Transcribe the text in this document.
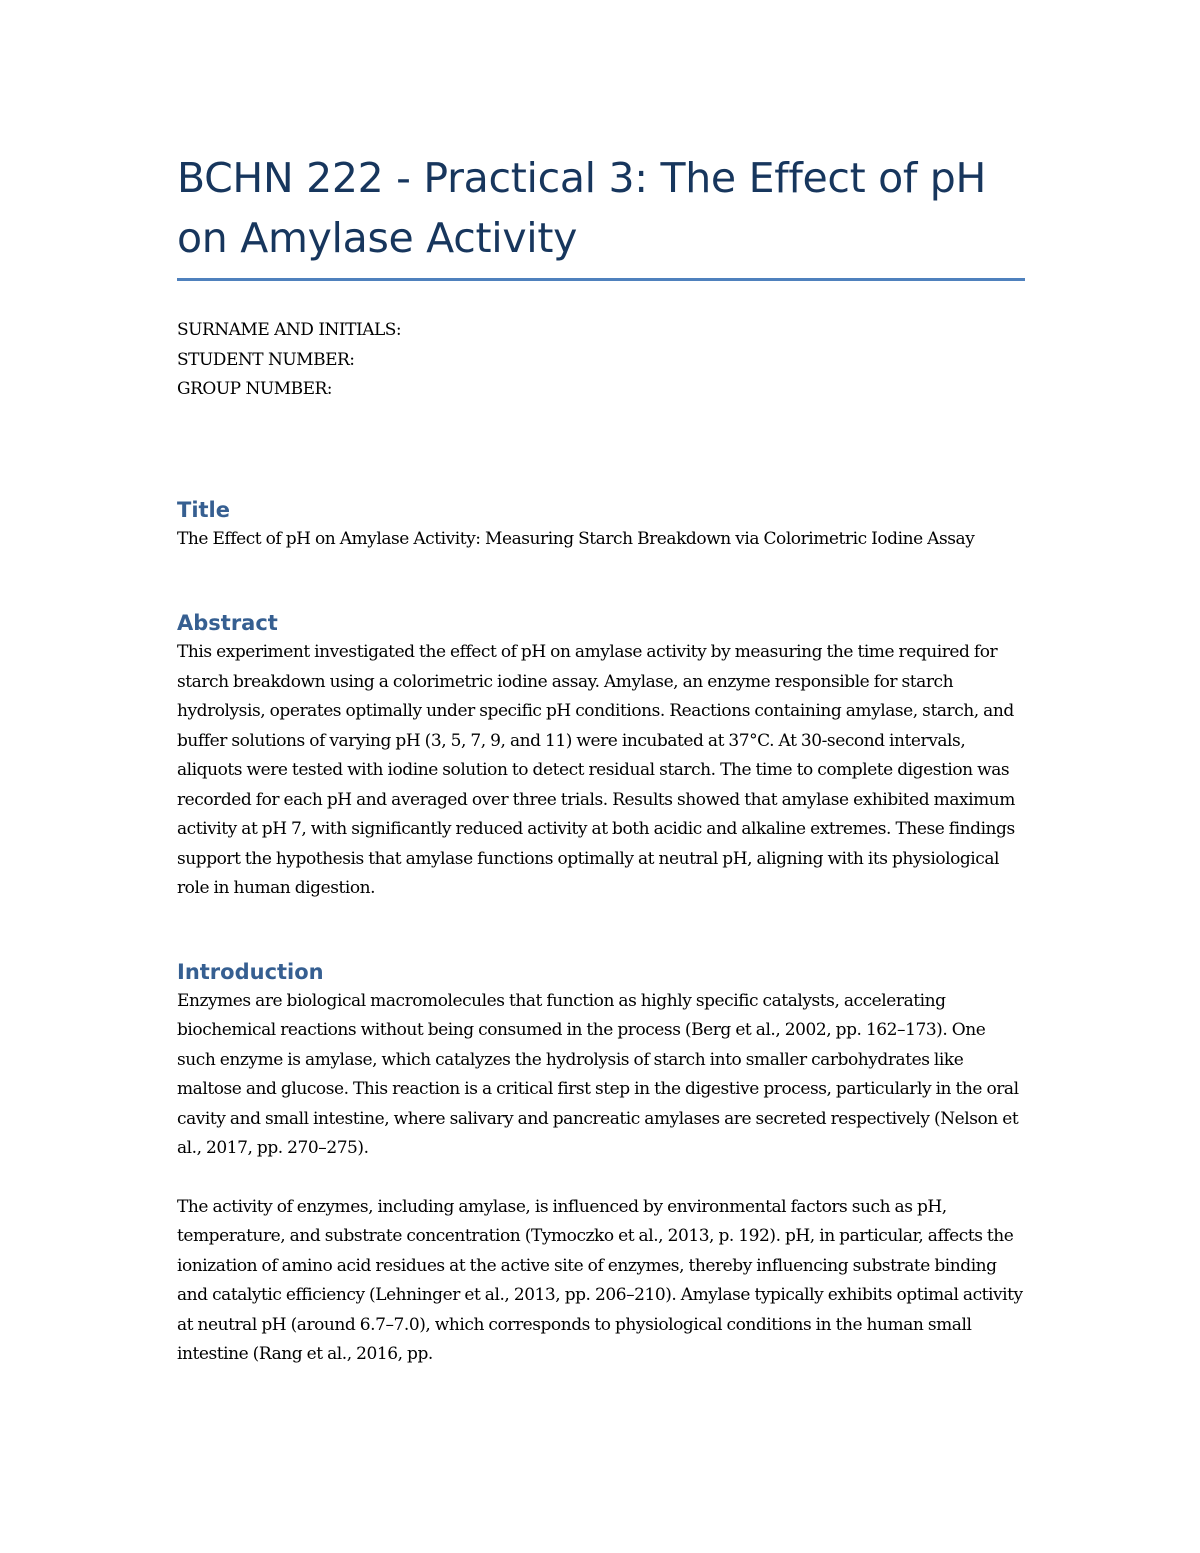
BCHN 222 - Practical 3: The Effect of pH on Amylase Activity
SURNAME AND INITIALS:
STUDENT NUMBER:
GROUP NUMBER:
Title

The Effect of pH on Amylase Activity: Measuring Starch Breakdown via Colorimetric Iodine Assay

Abstract

This experiment investigated the effect of pH on amylase activity by measuring the time required for starch breakdown using a colorimetric iodine assay. Amylase, an enzyme responsible for starch hydrolysis, operates optimally under specific pH conditions. Reactions containing amylase, starch, and buffer solutions of varying pH (3, 5, 7, 9, and 11) were incubated at 37°C. At 30-second intervals, aliquots were tested with iodine solution to detect residual starch. The time to complete digestion was recorded for each pH and averaged over three trials. Results showed that amylase exhibited maximum activity at pH 7, with significantly reduced activity at both acidic and alkaline extremes. These findings support the hypothesis that amylase functions optimally at neutral pH, aligning with its physiological role in human digestion.

Introduction

Enzymes are biological macromolecules that function as highly specific catalysts, accelerating biochemical reactions without being consumed in the process (Berg et al., 2002, pp. 162–173). One such enzyme is amylase, which catalyzes the hydrolysis of starch into smaller carbohydrates like maltose and glucose. This reaction is a critical first step in the digestive process, particularly in the oral cavity and small intestine, where salivary and pancreatic amylases are secreted respectively (Nelson et al., 2017, pp. 270–275).

The activity of enzymes, including amylase, is influenced by environmental factors such as pH, temperature, and substrate concentration (Tymoczko et al., 2013, p. 192). pH, in particular, affects the ionization of amino acid residues at the active site of enzymes, thereby influencing substrate binding and catalytic efficiency (Lehninger et al., 2013, pp. 206–210). Amylase typically exhibits optimal activity at neutral pH (around 6.7–7.0), which corresponds to physiological conditions in the human small intestine (Rang et al., 2016, pp.
